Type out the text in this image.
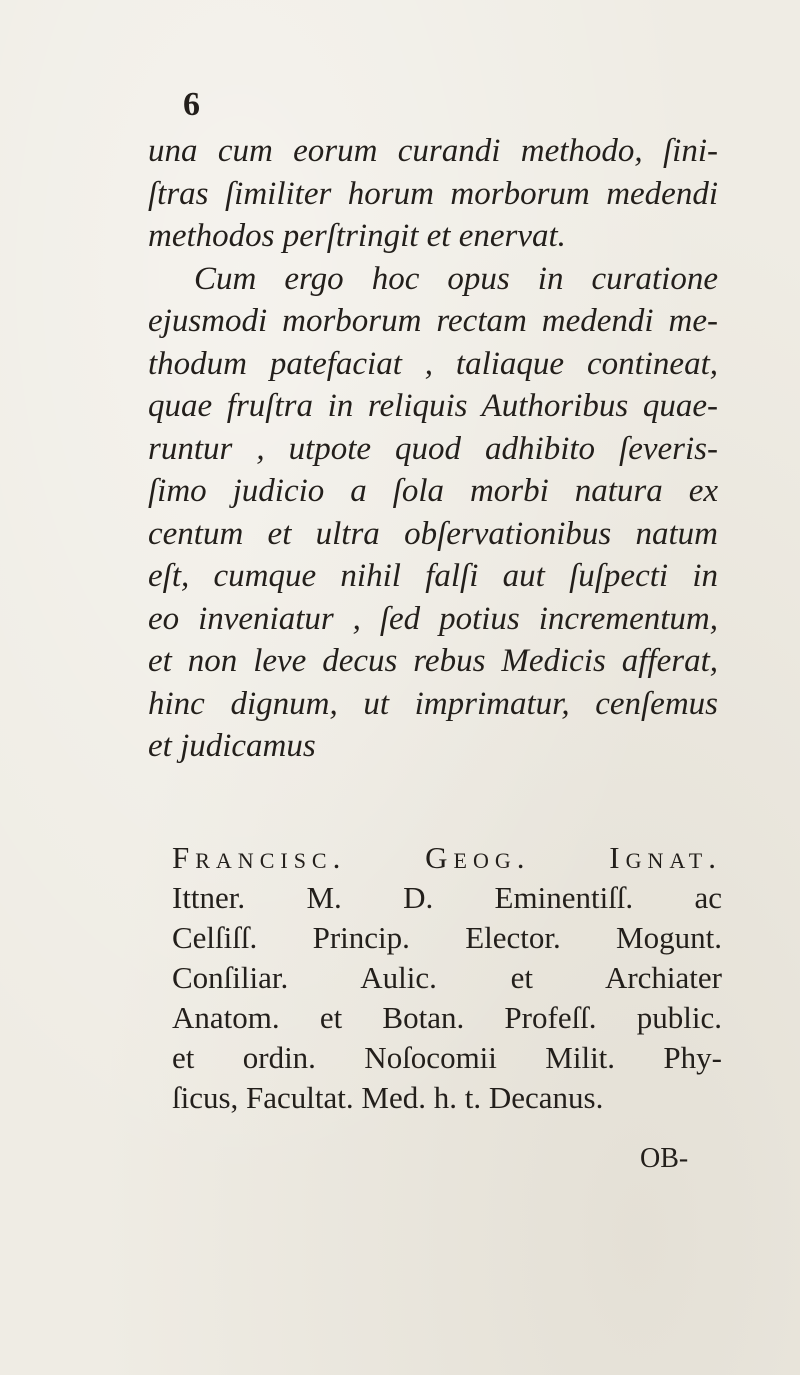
6
una cum eorum curandi methodo, ſini-
ſtras ſimiliter horum morborum medendi
methodos perſtringit et enervat.
Cum ergo hoc opus in curatione
ejusmodi morborum rectam medendi me-
thodum patefaciat , taliaque contineat,
quae fruſtra in reliquis Authoribus quae-
runtur , utpote quod adhibito ſeveris-
ſimo judicio a ſola morbi natura ex
centum et ultra obſervationibus natum
eſt, cumque nihil falſi aut ſuſpecti in
eo inveniatur , ſed potius incrementum,
et non leve decus rebus Medicis afferat,
hinc dignum, ut imprimatur, cenſemus
et judicamus
Francisc. Geog. Ignat.
Ittner. M. D. Eminentiſſ. ac
Celſiſſ. Princip. Elector. Mogunt.
Conſiliar. Aulic. et Archiater
Anatom. et Botan. Profeſſ. public.
et ordin. Noſocomii Milit. Phy-
ſicus, Facultat. Med. h. t. Decanus.
OB-
